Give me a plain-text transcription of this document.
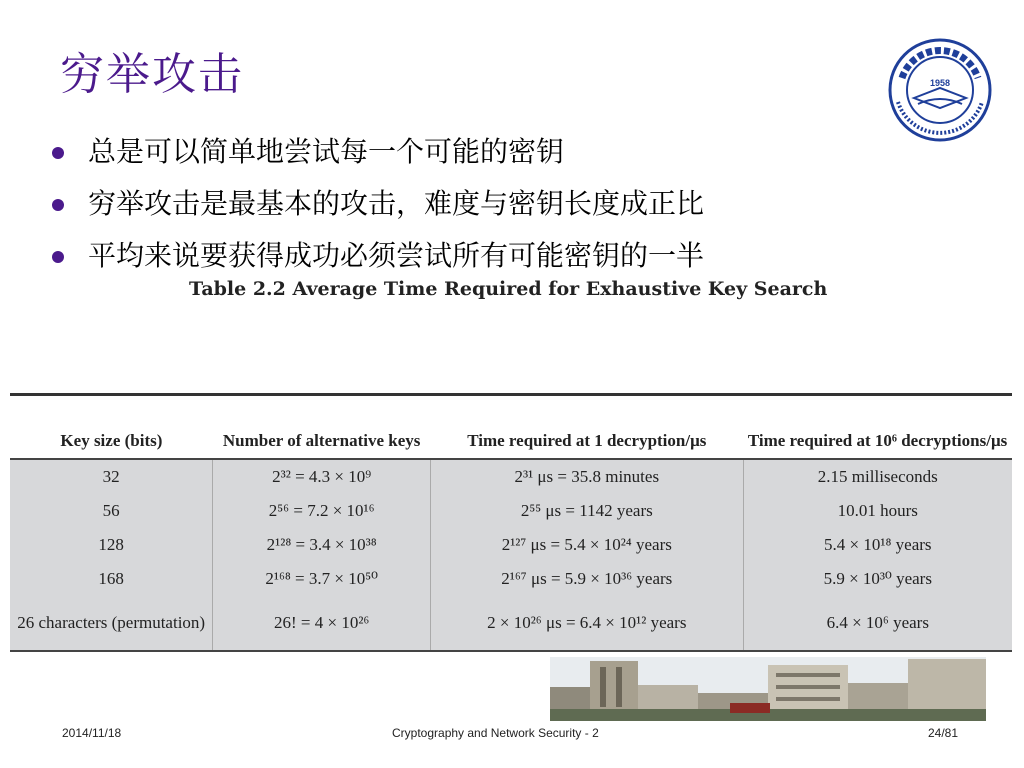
穷举攻击	1958
总是可以简单地尝试每一个可能的密钥
穷举攻击是最基本的攻击，难度与密钥长度成正比
平均来说要获得成功必须尝试所有可能密钥的一半
Table 2.2 Average Time Required for Exhaustive Key Search
Key size (bits)	Number of alternative keys	Time required at 1 decryption/μs	Time required at 10⁶ decryptions/μs
32	2³² = 4.3 × 10⁹	2³¹ μs = 35.8 minutes	2.15 milliseconds
56	2⁵⁶ = 7.2 × 10¹⁶	2⁵⁵ μs = 1142 years	10.01 hours
128	2¹²⁸ = 3.4 × 10³⁸	2¹²⁷ μs = 5.4 × 10²⁴ years	5.4 × 10¹⁸ years
168	2¹⁶⁸ = 3.7 × 10⁵⁰	2¹⁶⁷ μs = 5.9 × 10³⁶ years	5.9 × 10³⁰ years
26 characters (permutation)	26! = 4 × 10²⁶	2 × 10²⁶ μs = 6.4 × 10¹² years	6.4 × 10⁶ years
2014/11/18	Cryptography and Network Security - 2	24/81
